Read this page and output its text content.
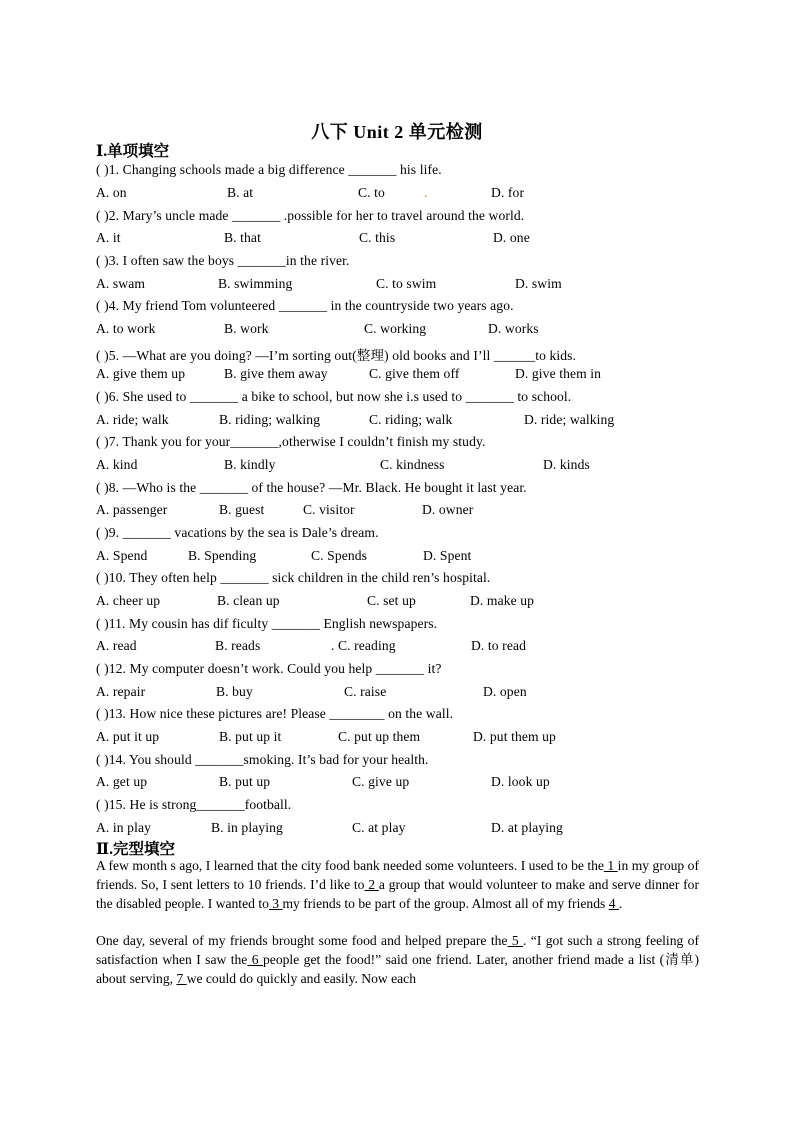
八下 Unit 2 单元检测
Ⅰ.单项填空
( )1. Changing schools made a big difference _______ his life.
A. on	B. at	C. to	.	D. for
( )2. Mary’s uncle made _______ .possible for her to travel around the world.
A. it	B. that	C. this	D. one
( )3. I often saw the boys _______in the river.
A. swam	B. swimming	C. to swim	D. swim
( )4. My friend Tom volunteered _______ in the countryside two years ago.
A. to work	B. work	C. working	D. works
( )5. —What are you doing? —I’m sorting out(整理) old books and I’ll ______to kids.
A. give them up	B. give them away	C. give them off	D. give them in
( )6. She used to _______ a bike to school, but now she i.s used to _______ to school.
A. ride; walk	B. riding; walking	C. riding; walk	D. ride; walking
( )7. Thank you for your_______,otherwise I couldn’t finish my study.
A. kind	B. kindly	C. kindness	D. kinds
( )8. —Who is the _______ of the house? —Mr. Black. He bought it last year.
A. passenger	B. guest	C. visitor	D. owner
( )9. _______ vacations by the sea is Dale’s dream.
A. Spend	B. Spending	C. Spends	D. Spent
( )10. They often help _______ sick children in the child ren’s hospital.
A. cheer up	B. clean up	C. set up	D. make up
( )11. My cousin has dif ficulty _______ English newspapers.
A. read	B. reads	. C. reading	D. to read
( )12. My computer doesn’t work. Could you help _______ it?
A. repair	B. buy	C. raise	D. open
( )13. How nice these pictures are! Please ________ on the wall.
A. put it up	B. put up it	C. put up them	D. put them up
( )14. You should _______smoking. It’s bad for your health.
A. get up	B. put up	C. give up	D. look up
( )15. He is strong_______football.
A. in play	B. in playing	C. at play	D. at playing
Ⅱ.完型填空
A few month s ago, I learned that the city food bank needed some volunteers. I used to be the 1 in my group of friends. So, I sent letters to 10 friends. I’d like to 2 a group that would volunteer to make and serve dinner for the disabled people. I wanted to 3 my friends to be part of the group. Almost all of my friends 4 .
One day, several of my friends brought some food and helped prepare the 5 . “I got such a strong feeling of satisfaction when I saw the 6 people get the food!” said one friend. Later, another friend made a list (清单) about serving, 7 we could do quickly and easily. Now each
